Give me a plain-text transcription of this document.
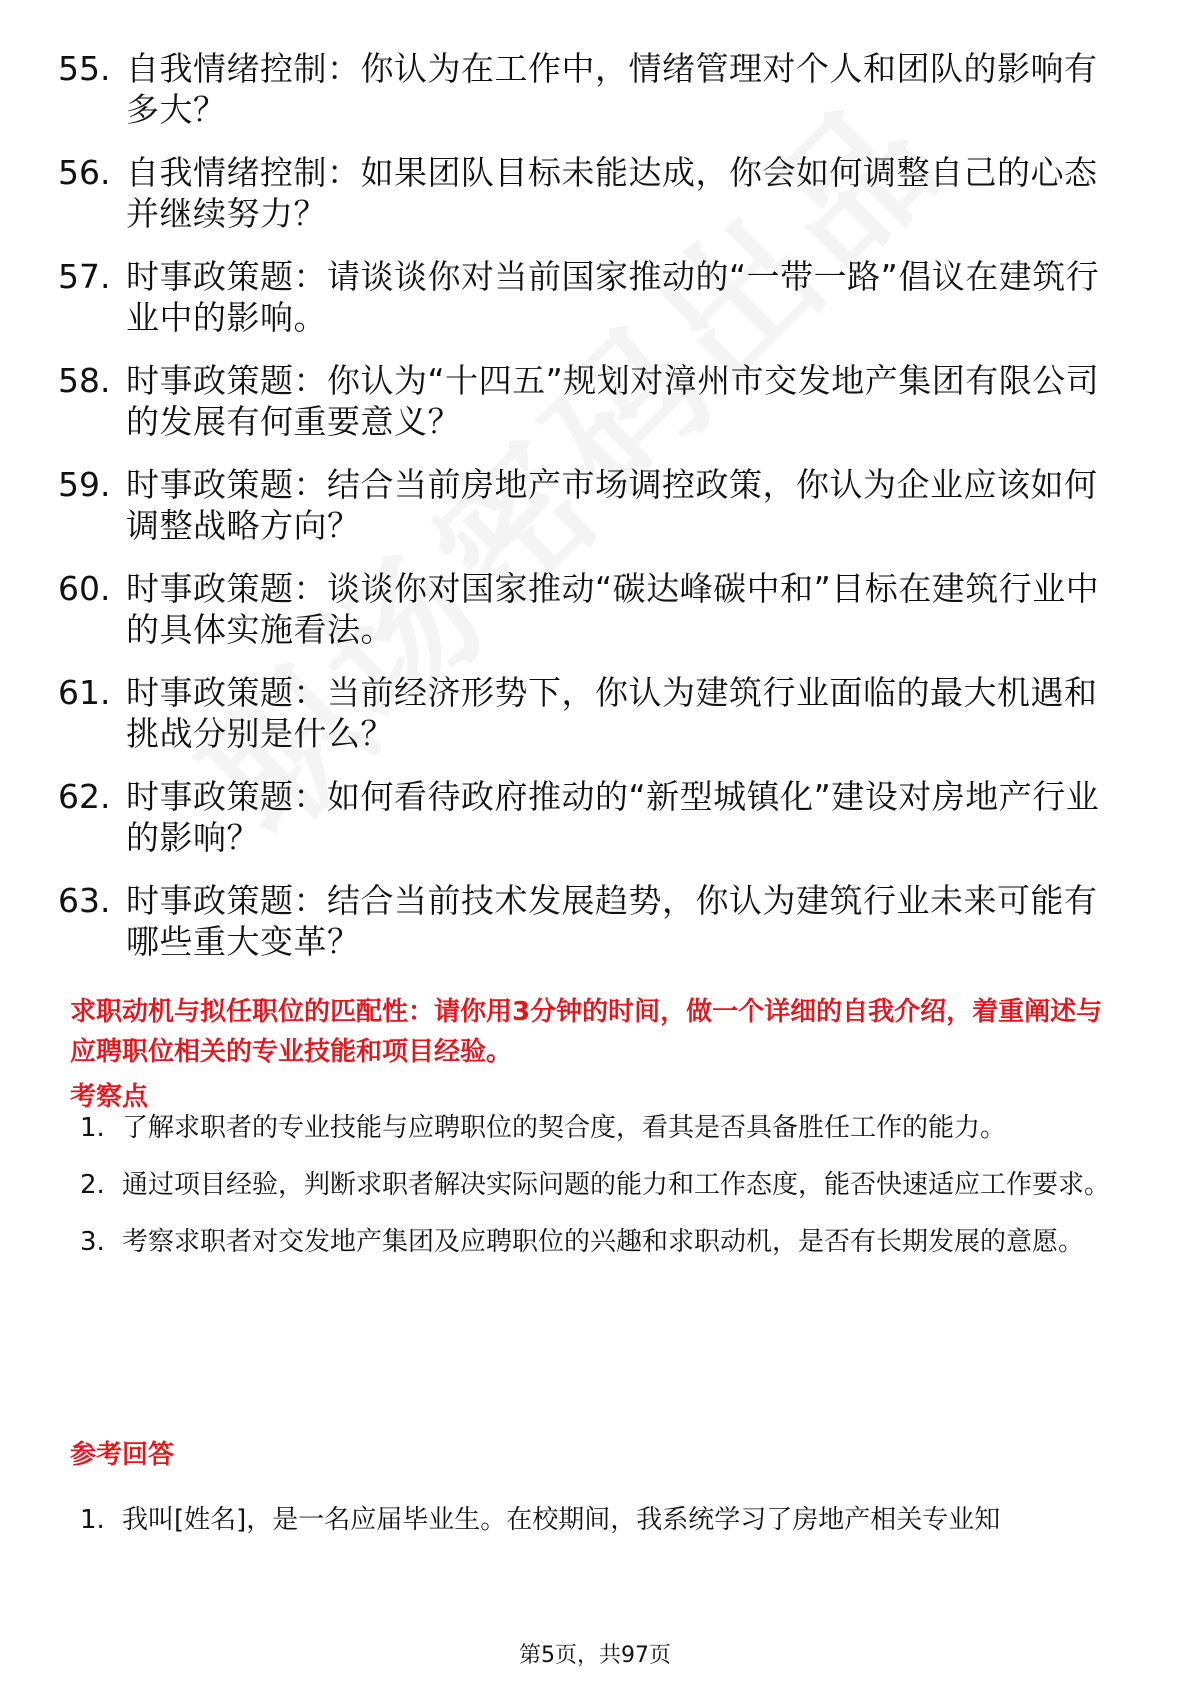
55. 自我情绪控制：你认为在工作中，情绪管理对个人和团队的影响有多大？
56. 自我情绪控制：如果团队目标未能达成，你会如何调整自己的心态并继续努力？
57. 时事政策题：请谈谈你对当前国家推动的“一带一路”倡议在建筑行业中的影响。
58. 时事政策题：你认为“十四五”规划对漳州市交发地产集团有限公司的发展有何重要意义？
59. 时事政策题：结合当前房地产市场调控政策，你认为企业应该如何调整战略方向？
60. 时事政策题：谈谈你对国家推动“碳达峰碳中和”目标在建筑行业中的具体实施看法。
61. 时事政策题：当前经济形势下，你认为建筑行业面临的最大机遇和挑战分别是什么？
62. 时事政策题：如何看待政府推动的“新型城镇化”建设对房地产行业的影响？
63. 时事政策题：结合当前技术发展趋势，你认为建筑行业未来可能有哪些重大变革？
求职动机与拟任职位的匹配性：请你用3分钟的时间，做一个详细的自我介绍，着重阐述与应聘职位相关的专业技能和项目经验。
考察点
1. 了解求职者的专业技能与应聘职位的契合度，看其是否具备胜任工作的能力。
2. 通过项目经验，判断求职者解决实际问题的能力和工作态度，能否快速适应工作要求。
3. 考察求职者对交发地产集团及应聘职位的兴趣和求职动机，是否有长期发展的意愿。
参考回答
1. 我叫[姓名]，是一名应届毕业生。在校期间，我系统学习了房地产相关专业知
第5页，共97页
